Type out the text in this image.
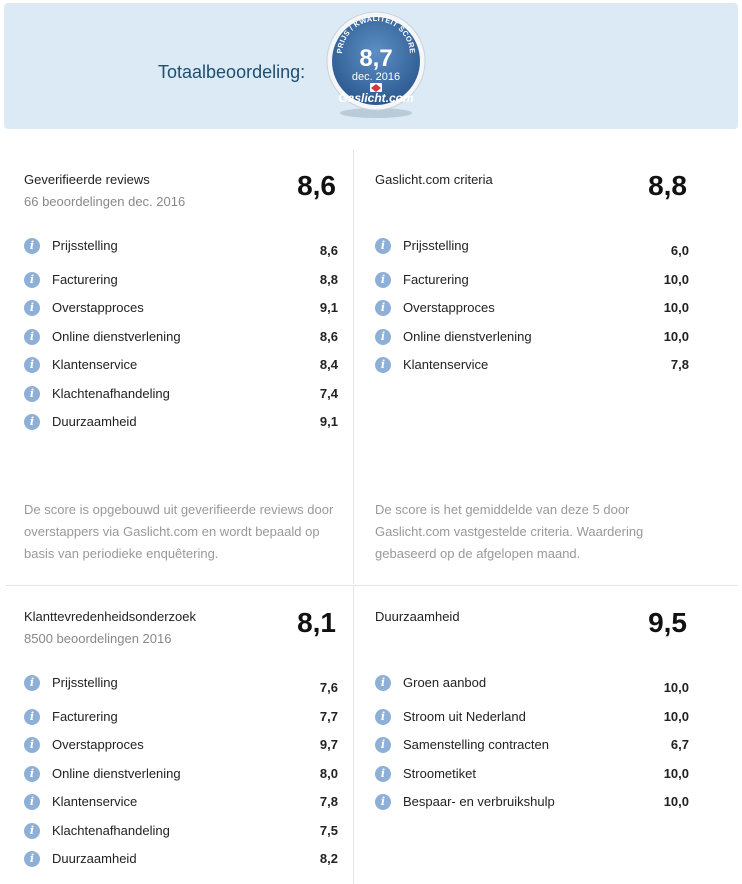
Totaalbeoordeling:
PRIJS / KWALITEIT SCORE
8,7
dec. 2016
Gaslicht.com
Geverifieerde reviews
66 beoordelingen dec. 2016
8,6
i	Prijsstelling	8,6
i	Facturering	8,8
i	Overstapproces	9,1
i	Online dienstverlening	8,6
i	Klantenservice	8,4
i	Klachtenafhandeling	7,4
i	Duurzaamheid	9,1
De score is opgebouwd uit geverifieerde reviews door overstappers via Gaslicht.com en wordt bepaald op basis van periodieke enquêtering.
Gaslicht.com criteria	8,8
i	Prijsstelling	6,0
i	Facturering	10,0
i	Overstapproces	10,0
i	Online dienstverlening	10,0
i	Klantenservice	7,8
De score is het gemiddelde van deze 5 door Gaslicht.com vastgestelde criteria. Waardering gebaseerd op de afgelopen maand.
Klanttevredenheidsonderzoek
8500 beoordelingen 2016
8,1
i	Prijsstelling	7,6
i	Facturering	7,7
i	Overstapproces	9,7
i	Online dienstverlening	8,0
i	Klantenservice	7,8
i	Klachtenafhandeling	7,5
i	Duurzaamheid	8,2
Duurzaamheid	9,5
i	Groen aanbod	10,0
i	Stroom uit Nederland	10,0
i	Samenstelling contracten	6,7
i	Stroometiket	10,0
i	Bespaar- en verbruikshulp	10,0
